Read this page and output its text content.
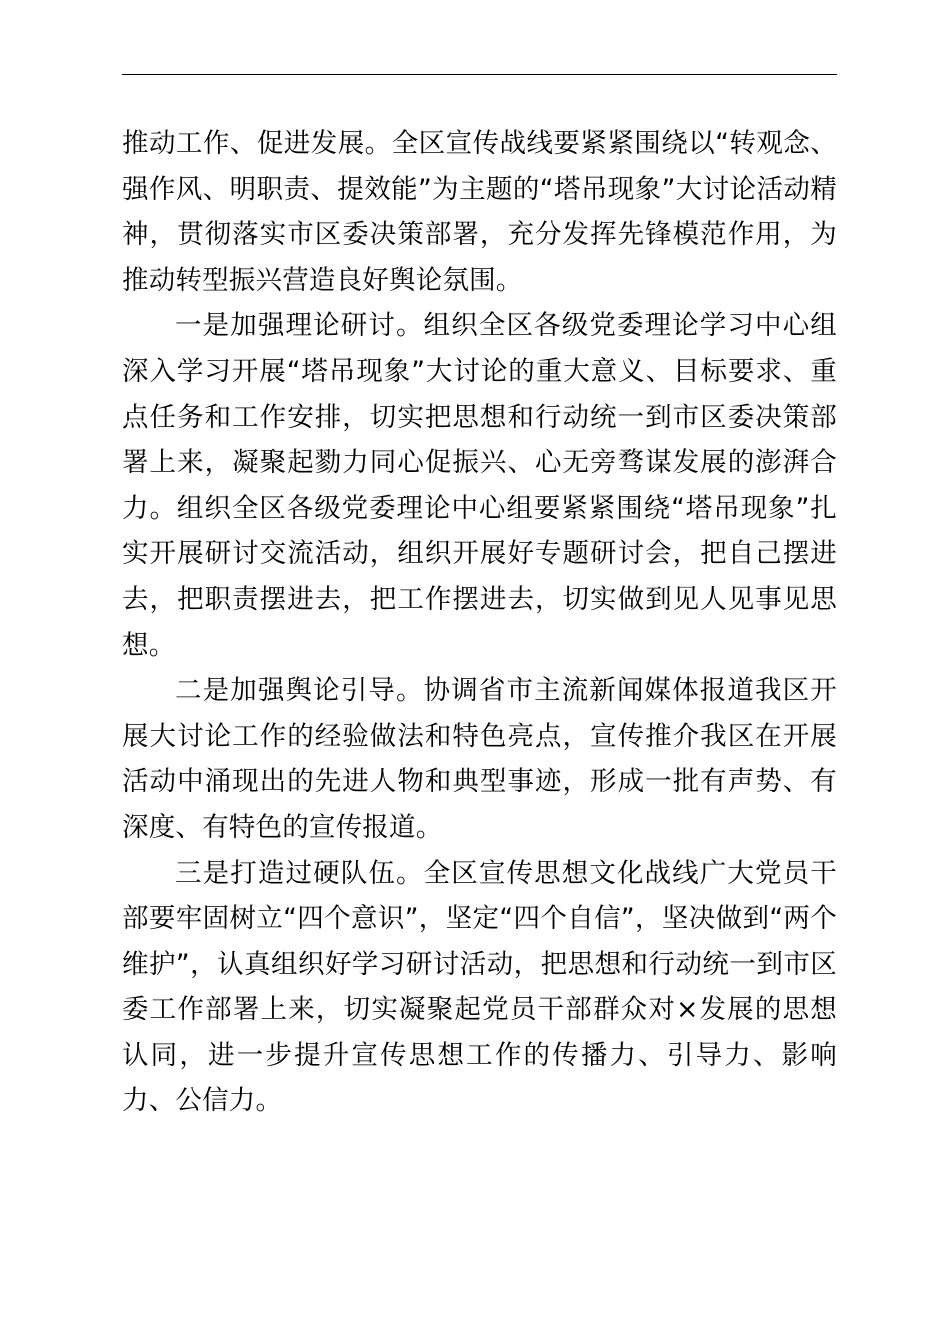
推动工作、促进发展。全区宣传战线要紧紧围绕以“转观念、强作风、明职责、提效能”为主题的“塔吊现象”大讨论活动精神，贯彻落实市区委决策部署，充分发挥先锋模范作用，为推动转型振兴营造良好舆论氛围。

一是加强理论研讨。组织全区各级党委理论学习中心组深入学习开展“塔吊现象”大讨论的重大意义、目标要求、重点任务和工作安排，切实把思想和行动统一到市区委决策部署上来，凝聚起勠力同心促振兴、心无旁骛谋发展的澎湃合力。组织全区各级党委理论中心组要紧紧围绕“塔吊现象”扎实开展研讨交流活动，组织开展好专题研讨会，把自己摆进去，把职责摆进去，把工作摆进去，切实做到见人见事见思想。

二是加强舆论引导。协调省市主流新闻媒体报道我区开展大讨论工作的经验做法和特色亮点，宣传推介我区在开展活动中涌现出的先进人物和典型事迹，形成一批有声势、有深度、有特色的宣传报道。

三是打造过硬队伍。全区宣传思想文化战线广大党员干部要牢固树立“四个意识”，坚定“四个自信”，坚决做到“两个维护”，认真组织好学习研讨活动，把思想和行动统一到市区委工作部署上来，切实凝聚起党员干部群众对×发展的思想认同，进一步提升宣传思想工作的传播力、引导力、影响力、公信力。
